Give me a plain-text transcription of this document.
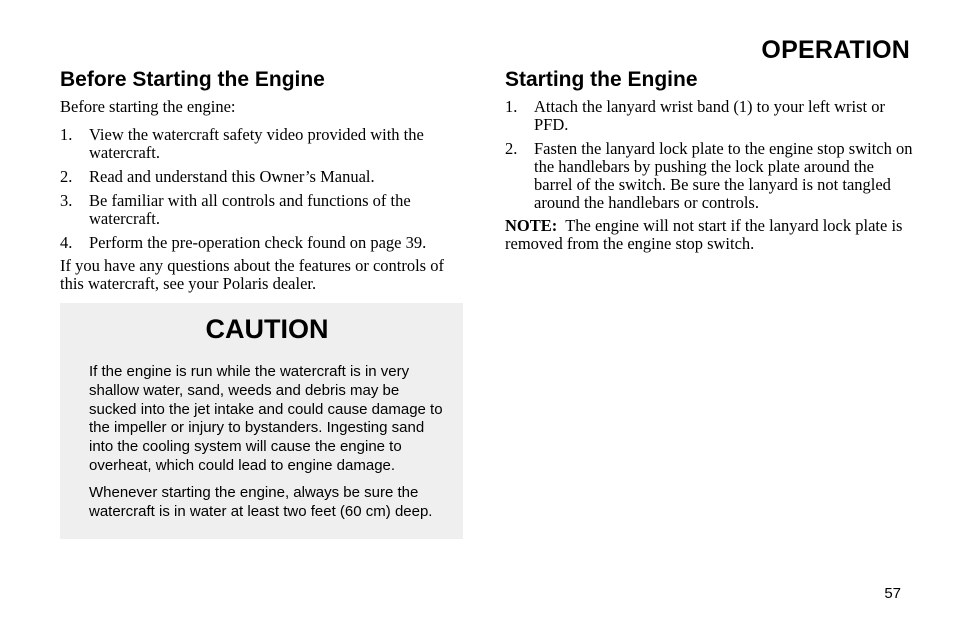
OPERATION
Before Starting the Engine

Before starting the engine:

1. View the watercraft safety video provided with the watercraft.
2. Read and understand this Owner’s Manual.
3. Be familiar with all controls and functions of the watercraft.
4. Perform the pre-operation check found on page 39.

If you have any questions about the features or controls of this watercraft, see your Polaris dealer.

CAUTION

If the engine is run while the watercraft is in very shallow water, sand, weeds and debris may be sucked into the jet intake and could cause damage to the impeller or injury to bystanders. Ingesting sand into the cooling system will cause the engine to overheat, which could lead to engine damage.

Whenever starting the engine, always be sure the watercraft is in water at least two feet (60 cm) deep.

Starting the Engine
1. Attach the lanyard wrist band (1) to your left wrist or PFD.
2. Fasten the lanyard lock plate to the engine stop switch on the handlebars by pushing the lock plate around the barrel of the switch. Be sure the lanyard is not tangled around the handlebars or controls.

NOTE: The engine will not start if the lanyard lock plate is removed from the engine stop switch.

57
